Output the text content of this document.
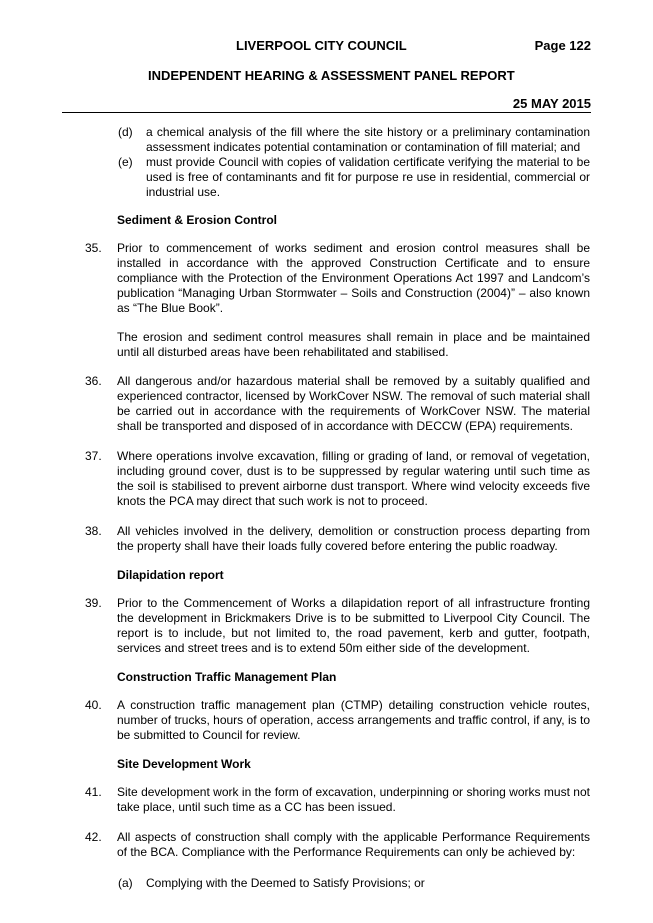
LIVERPOOL CITY COUNCIL	Page 122
INDEPENDENT HEARING & ASSESSMENT PANEL REPORT
25 MAY 2015
(d) a chemical analysis of the fill where the site history or a preliminary contamination assessment indicates potential contamination or contamination of fill material; and
(e) must provide Council with copies of validation certificate verifying the material to be used is free of contaminants and fit for purpose re use in residential, commercial or industrial use.
Sediment & Erosion Control
35. Prior to commencement of works sediment and erosion control measures shall be installed in accordance with the approved Construction Certificate and to ensure compliance with the Protection of the Environment Operations Act 1997 and Landcom’s publication “Managing Urban Stormwater – Soils and Construction (2004)” – also known as “The Blue Book”.
The erosion and sediment control measures shall remain in place and be maintained until all disturbed areas have been rehabilitated and stabilised.
36. All dangerous and/or hazardous material shall be removed by a suitably qualified and experienced contractor, licensed by WorkCover NSW. The removal of such material shall be carried out in accordance with the requirements of WorkCover NSW. The material shall be transported and disposed of in accordance with DECCW (EPA) requirements.
37. Where operations involve excavation, filling or grading of land, or removal of vegetation, including ground cover, dust is to be suppressed by regular watering until such time as the soil is stabilised to prevent airborne dust transport. Where wind velocity exceeds five knots the PCA may direct that such work is not to proceed.
38. All vehicles involved in the delivery, demolition or construction process departing from the property shall have their loads fully covered before entering the public roadway.
Dilapidation report
39. Prior to the Commencement of Works a dilapidation report of all infrastructure fronting the development in Brickmakers Drive is to be submitted to Liverpool City Council. The report is to include, but not limited to, the road pavement, kerb and gutter, footpath, services and street trees and is to extend 50m either side of the development.
Construction Traffic Management Plan
40. A construction traffic management plan (CTMP) detailing construction vehicle routes, number of trucks, hours of operation, access arrangements and traffic control, if any, is to be submitted to Council for review.
Site Development Work
41. Site development work in the form of excavation, underpinning or shoring works must not take place, until such time as a CC has been issued.
42. All aspects of construction shall comply with the applicable Performance Requirements of the BCA. Compliance with the Performance Requirements can only be achieved by:
(a) Complying with the Deemed to Satisfy Provisions; or
